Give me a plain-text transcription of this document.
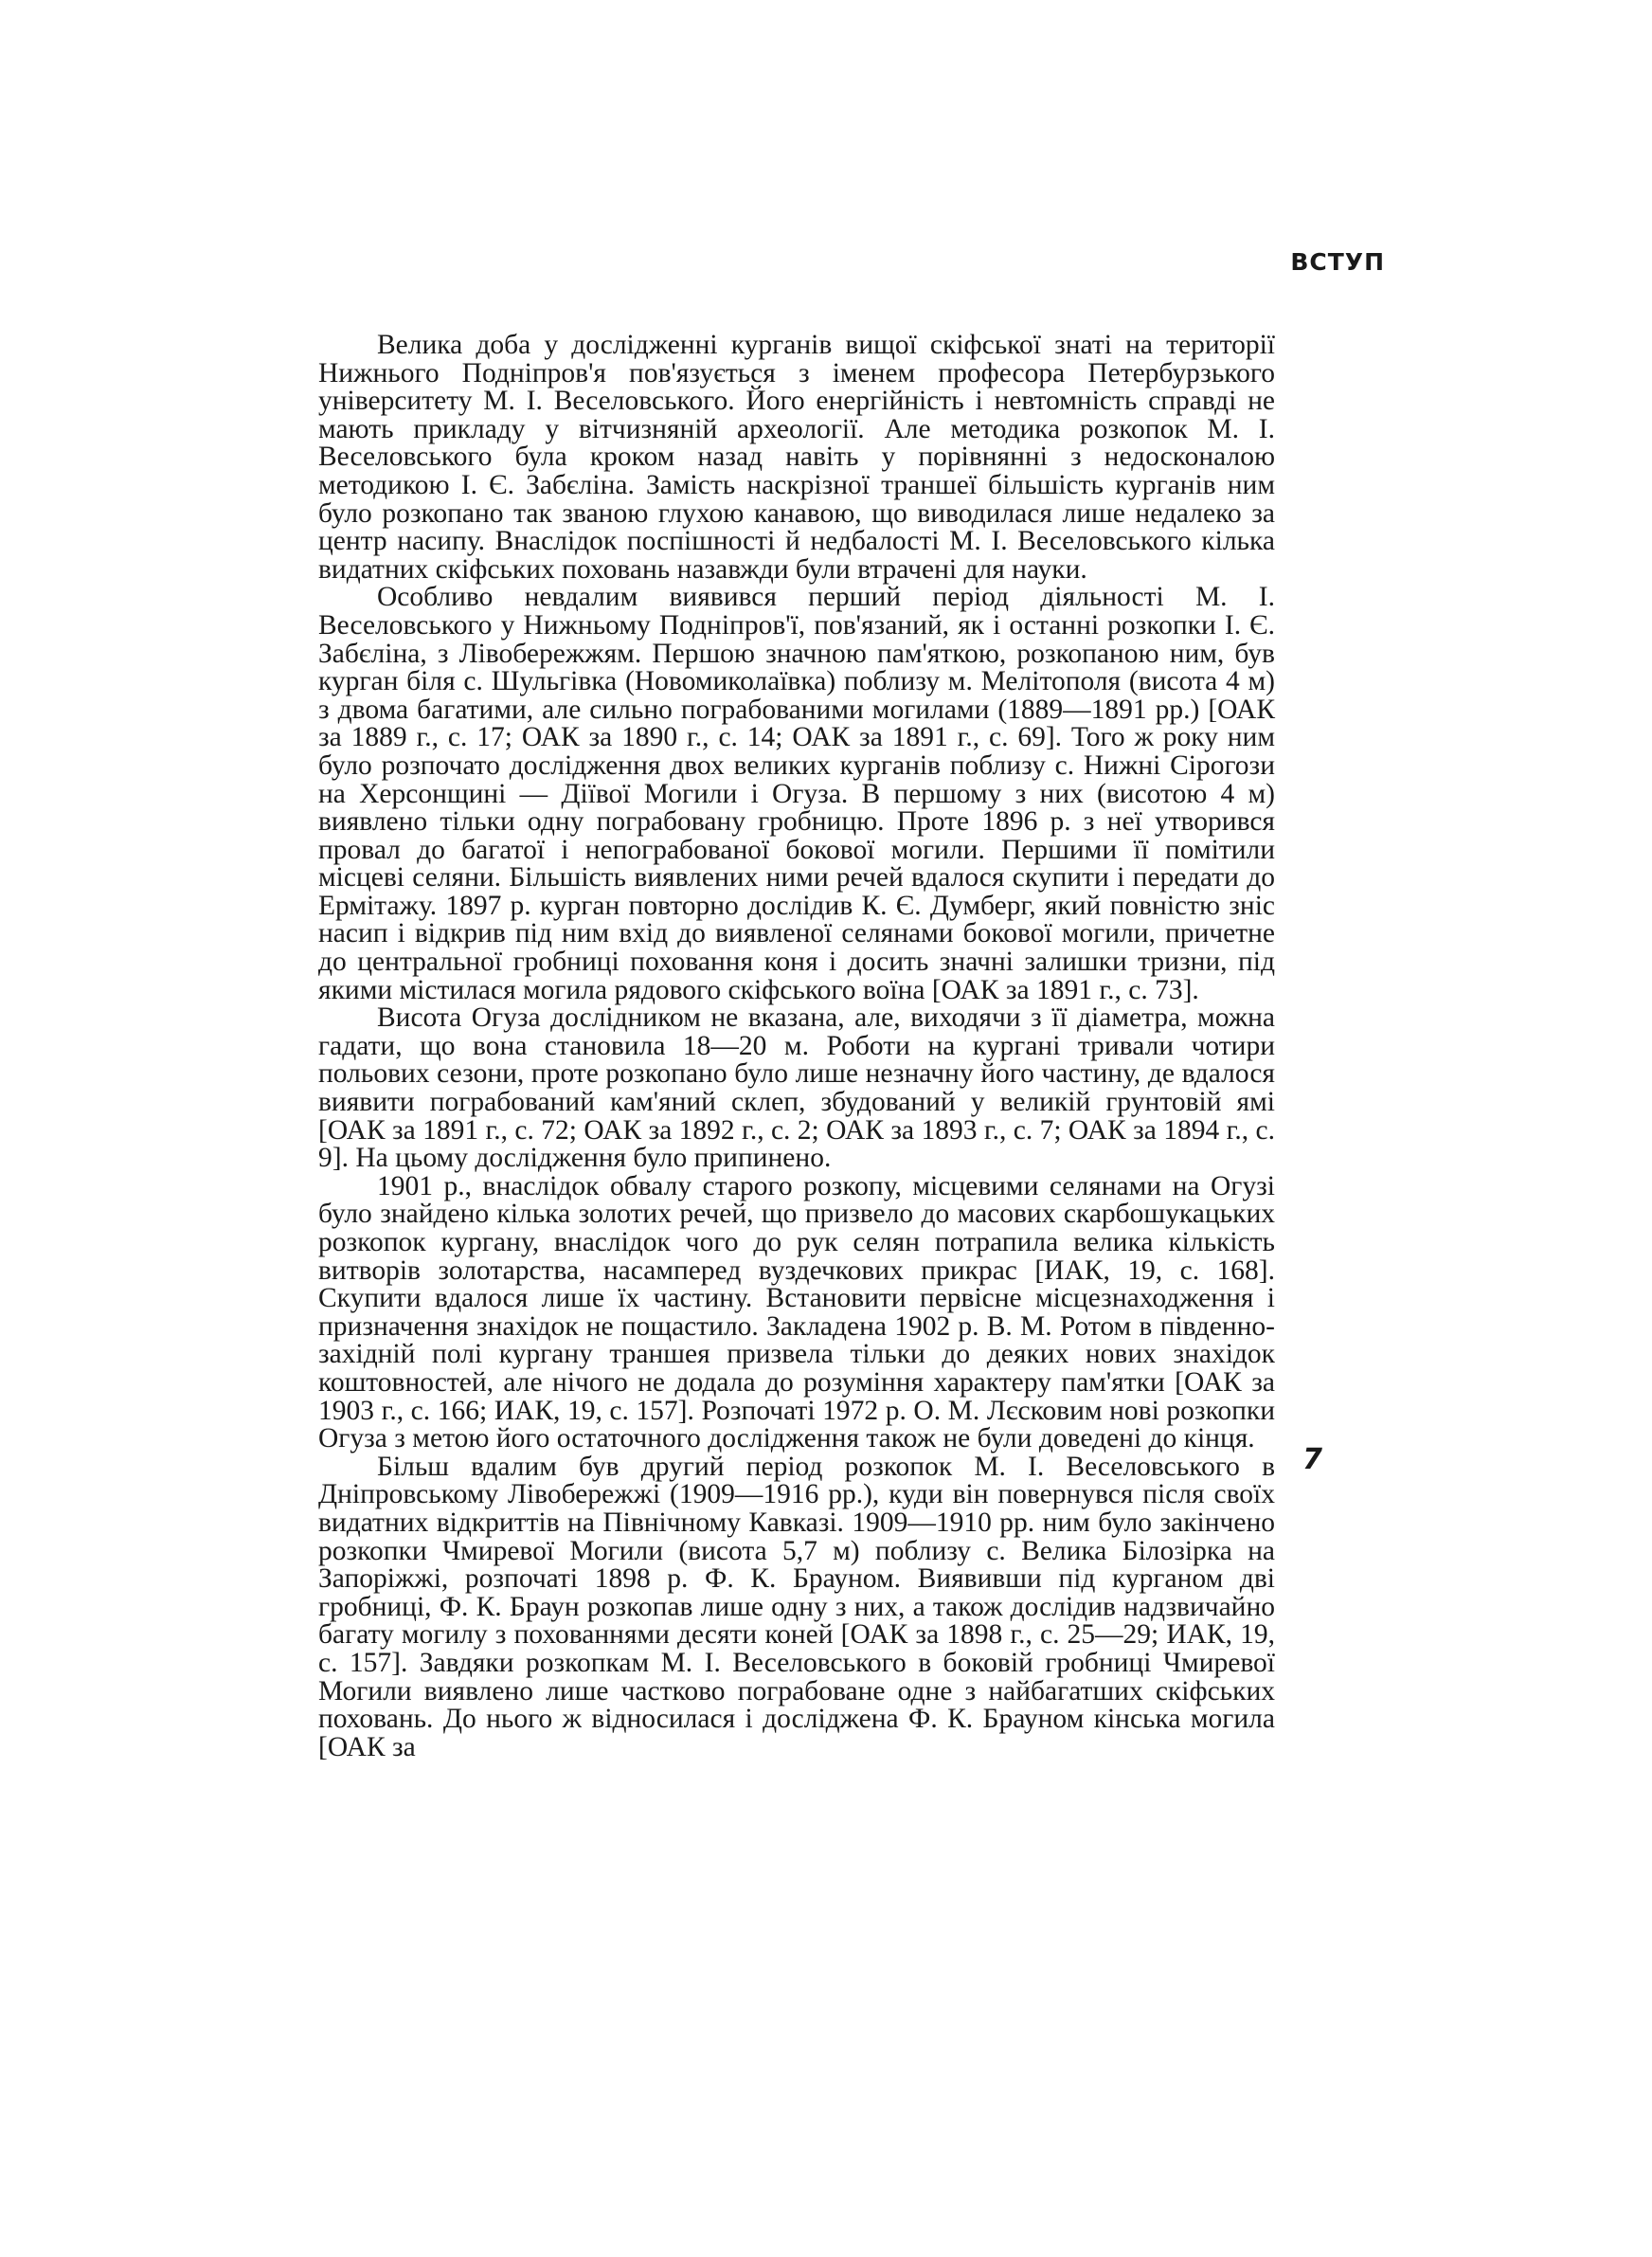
ВСТУП

Велика доба у дослідженні курганів вищої скіфської знаті на території Нижнього Подніпров'я пов'язується з іменем професора Петербурзького університету М. І. Веселовського. Його енергійність і невтомність справді не мають прикладу у вітчизняній археології. Але методика розкопок М. І. Веселовського була кроком назад навіть у порівнянні з недосконалою методикою І. Є. Забєліна. Замість наскрізної траншеї більшість курганів ним було розкопано так званою глухою канавою, що виводилася лише недалеко за центр насипу. Внаслідок поспішності й недбалості М. І. Веселовського кілька видатних скіфських поховань назавжди були втрачені для науки.

Особливо невдалим виявився перший період діяльності М. І. Веселовського у Нижньому Подніпров'ї, пов'язаний, як і останні розкопки І. Є. Забєліна, з Лівобережжям. Першою значною пам'яткою, розкопаною ним, був курган біля с. Шульгівка (Новомиколаївка) поблизу м. Мелітополя (висота 4 м) з двома багатими, але сильно пограбованими могилами (1889—1891 рр.) [ОАК за 1889 г., с. 17; ОАК за 1890 г., с. 14; ОАК за 1891 г., с. 69]. Того ж року ним було розпочато дослідження двох великих курганів поблизу с. Нижні Сірогози на Херсонщині — Діївої Могили і Огуза. В першому з них (висотою 4 м) виявлено тільки одну пограбовану гробницю. Проте 1896 р. з неї утворився провал до багатої і непограбованої бокової могили. Першими її помітили місцеві селяни. Більшість виявлених ними речей вдалося скупити і передати до Ермітажу. 1897 р. курган повторно дослідив К. Є. Думберг, який повністю зніс насип і відкрив під ним вхід до виявленої селянами бокової могили, причетне до центральної гробниці поховання коня і досить значні залишки тризни, під якими містилася могила рядового скіфського воїна [ОАК за 1891 г., с. 73].

Висота Огуза дослідником не вказана, але, виходячи з її діаметра, можна гадати, що вона становила 18—20 м. Роботи на кургані тривали чотири польових сезони, проте розкопано було лише незначну його частину, де вдалося виявити пограбований кам'яний склеп, збудований у великій грунтовій ямі [ОАК за 1891 г., с. 72; ОАК за 1892 г., с. 2; ОАК за 1893 г., с. 7; ОАК за 1894 г., с. 9]. На цьому дослідження було припинено.

1901 р., внаслідок обвалу старого розкопу, місцевими селянами на Огузі було знайдено кілька золотих речей, що призвело до масових скарбошукацьких розкопок кургану, внаслідок чого до рук селян потрапила велика кількість витворів золотарства, насамперед вуздечкових прикрас [ИАК, 19, с. 168]. Скупити вдалося лише їх частину. Встановити первісне місцезнаходження і призначення знахідок не пощастило. Закладена 1902 р. В. М. Ротом в південно-західній полі кургану траншея призвела тільки до деяких нових знахідок коштовностей, але нічого не додала до розуміння характеру пам'ятки [ОАК за 1903 г., с. 166; ИАК, 19, с. 157]. Розпочаті 1972 р. О. М. Лєсковим нові розкопки Огуза з метою його остаточного дослідження також не були доведені до кінця.

Більш вдалим був другий період розкопок М. І. Веселовського в Дніпровському Лівобережжі (1909—1916 рр.), куди він повернувся після своїх видатних відкриттів на Північному Кавказі. 1909—1910 рр. ним було закінчено розкопки Чмиревої Могили (висота 5,7 м) поблизу с. Велика Білозірка на Запоріжжі, розпочаті 1898 р. Ф. К. Брауном. Виявивши під курганом дві гробниці, Ф. К. Браун розкопав лише одну з них, а також дослідив надзвичайно багату могилу з похованнями десяти коней [ОАК за 1898 г., с. 25—29; ИАК, 19, с. 157]. Завдяки розкопкам М. І. Веселовського в боковій гробниці Чмиревої Могили виявлено лише частково пограбоване одне з найбагатших скіфських поховань. До нього ж відносилася і досліджена Ф. К. Брауном кінська могила [ОАК за

7
